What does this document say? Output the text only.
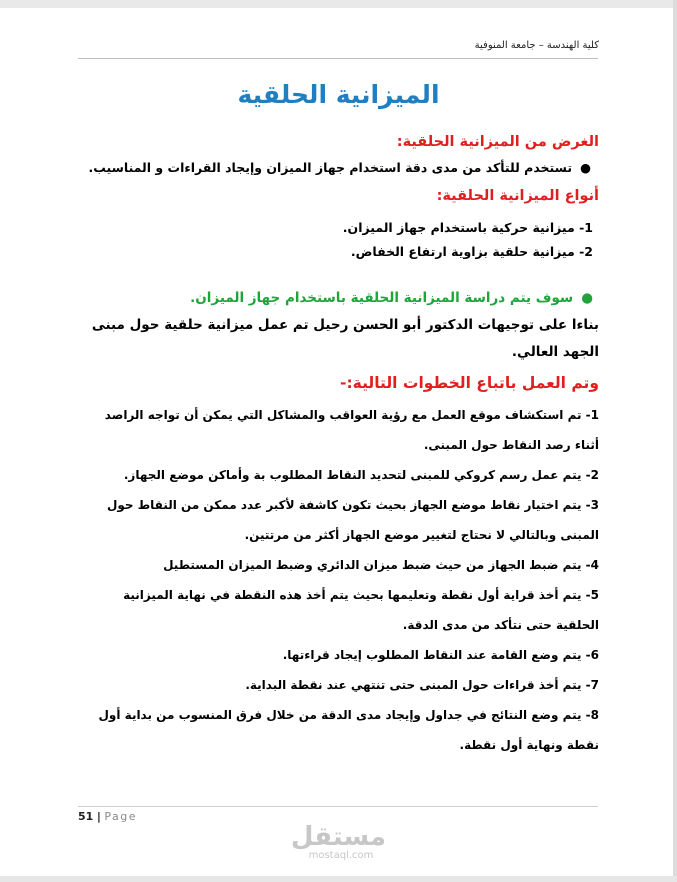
كلية الهندسة – جامعة المنوفية
الميزانية الحلقية
الغرض من الميزانية الحلقية:
●تستخدم للتأكد من مدى دقة استخدام جهاز الميزان وإيجاد القراءات و المناسيب.
أنواع الميزانية الحلقية:
1- ميزانية حركية باستخدام جهاز الميزان.
2- ميزانية حلقية بزاوية ارتفاع الخفاض.
●سوف يتم دراسة الميزانية الحلقية باستخدام جهاز الميزان.
بناءا على توجيهات الدكتور أبو الحسن رحيل تم عمل ميزانية حلقية حول مبنى الجهد العالي.
وتم العمل باتباع الخطوات التالية:-
1- تم استكشاف موقع العمل مع رؤية العواقب والمشاكل التي يمكن أن تواجه الراصد أثناء رصد النقاط حول المبنى.
2- يتم عمل رسم كروكي للمبنى لتحديد النقاط المطلوب بة وأماكن موضع الجهاز.
3- يتم اختيار نقاط موضع الجهاز بحيث تكون كاشفة لأكبر عدد ممكن من النقاط حول المبنى وبالتالي لا نحتاج لتغيير موضع الجهاز أكثر من مرتتين.
4- يتم ضبط الجهاز من حيث ضبط ميزان الدائري وضبط الميزان المستطيل
5- يتم أخذ قراية أول نقطة وتعليمها بحيث يتم أخذ هذه النقطة في نهاية الميزانية الحلقية حتى نتأكد من مدى الدقة.
6- يتم وضع القامة عند النقاط المطلوب إيجاد قراءتها.
7- يتم أخذ قراءات حول المبنى حتى تنتهي عند نقطة البداية.
8- يتم وضع النتائج في جداول وإيجاد مدى الدقة من خلال فرق المنسوب من بداية أول نقطة ونهاية أول نقطة.
51 | Page
مستقل
mostaql.com
